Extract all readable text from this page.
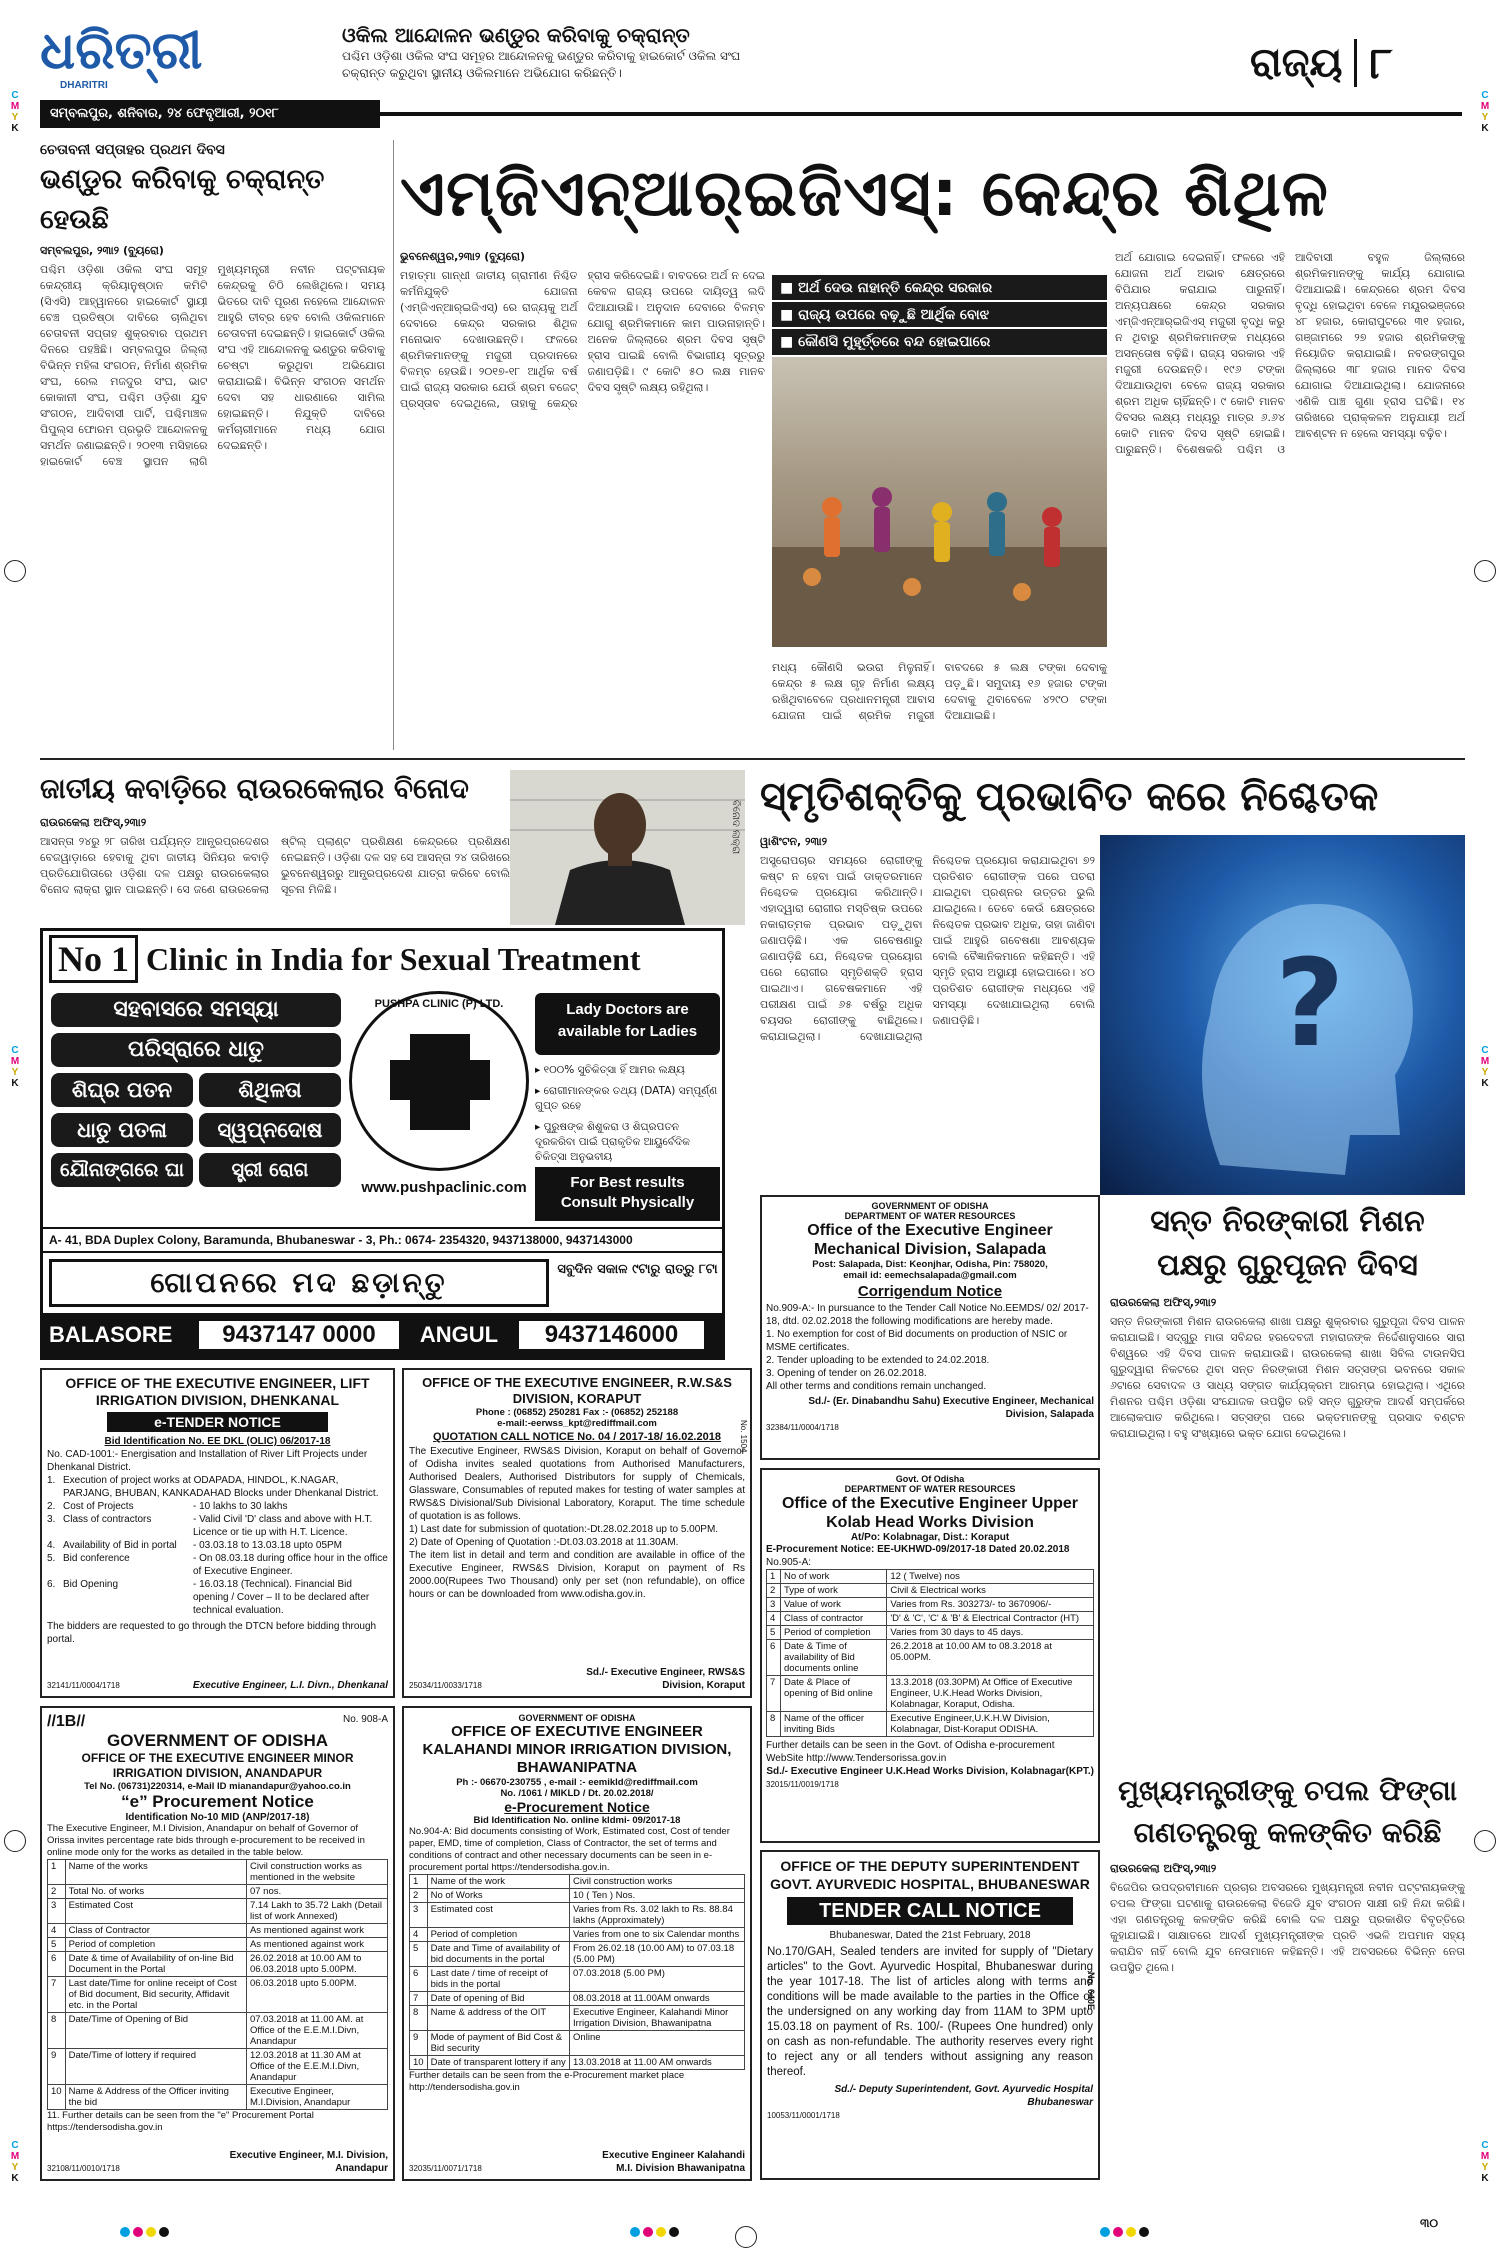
C
M
Y
K
C
M
Y
K
C
M
Y
K
C
M
Y
K
C
M
Y
K
C
M
Y
K
ଧରିତ୍ରୀ
DHARITRI
ଓକିଲ ଆନ୍ଦୋଳନ ଭଣ୍ଡୁର କରିବାକୁ ଚକ୍ରାନ୍ତ
ପଶ୍ଚିମ ଓଡ଼ିଶା ଓକିଲ ସଂଘ ସମୂହର ଆନ୍ଦୋଳନକୁ ଭଣ୍ଡୁର କରିବାକୁ ହାଇକୋର୍ଟ ଓକିଲ ସଂଘ
ଚକ୍ରାନ୍ତ କରୁଥିବା ସ୍ଥାନୀୟ ଓକିଲମାନେ ଅଭିଯୋଗ କରିଛନ୍ତି।	ରାଜ୍ୟ ୮
ସମ୍ବଲପୁର, ଶନିବାର, ୨୪ ଫେବୃଆରୀ, ୨୦୧୮
ଚେତାବନୀ ସପ୍ତାହର ପ୍ରଥମ ଦିବସ
ଭଣ୍ଡୁର କରିବାକୁ ଚକ୍ରାନ୍ତ ହେଉଛି
ସମ୍ବଲପୁର, ୨୩ା୨ (ବ୍ୟୁରୋ)
ପଶ୍ଚିମ ଓଡ଼ିଶା ଓକିଲ ସଂଘ ସମୂହ କେନ୍ଦ୍ରୀୟ କ୍ରିୟାନୁଷ୍ଠାନ କମିଟି (ସିଏସି) ଆହ୍ୱାନରେ ହାଇକୋର୍ଟ ସ୍ଥାୟୀ ବେଞ୍ଚ ପ୍ରତିଷ୍ଠା ଦାବିରେ ଚାଲିଥିବା ଚେତାବନୀ ସପ୍ତାହ ଶୁକ୍ରବାର ପ୍ରଥମ ଦିନରେ ପହଞ୍ଚିଛି। ସମ୍ବଲପୁର ଜିଲ୍ଲା ବିଭିନ୍ନ ମହିଳା ସଂଗଠନ, ନିର୍ମାଣ ଶ୍ରମିକ ସଂଘ, ରେଲ ମଜଦୁର ସଂଘ, ଭାଟ କୋକାନୀ ସଂଘ, ପଶ୍ଚିମ ଓଡ଼ିଶା ଯୁବ ସଂଗଠନ, ଆଦିବାସୀ ପାର୍ଟି, ପଶ୍ଚିମାଞ୍ଚଳ ପିପୁଲ୍ସ ଫୋରମ ପ୍ରଭୃତି ଆନ୍ଦୋଳନକୁ ସମର୍ଥନ ଜଣାଇଛନ୍ତି। ୨୦୧୩ ମସିହାରେ ହାଇକୋର୍ଟ ବେଞ୍ଚ ସ୍ଥାପନ ଲାଗି ମୁଖ୍ୟମନ୍ତ୍ରୀ ନବୀନ ପଟ୍ଟନାୟକ କେନ୍ଦ୍ରକୁ ଚିଠି ଲେଖିଥିଲେ। ସମୟ ଭିତରେ ଦାବି ପୂରଣ ନହେଲେ ଆନ୍ଦୋଳନ ଆହୁରି ତୀବ୍ର ହେବ ବୋଲି ଓକିଲମାନେ ଚେତାବନୀ ଦେଇଛନ୍ତି। ହାଇକୋର୍ଟ ଓକିଲ ସଂଘ ଏହି ଆନ୍ଦୋଳନକୁ ଭଣ୍ଡୁର କରିବାକୁ ଚେଷ୍ଟା କରୁଥିବା ଅଭିଯୋଗ କରାଯାଇଛି। ବିଭିନ୍ନ ସଂଗଠନ ସମର୍ଥନ ଦେବା ସହ ଧାରଣାରେ ସାମିଲ ହୋଇଛନ୍ତି। ନିଯୁକ୍ତି ଦାବିରେ କର୍ମଚାରୀମାନେ ମଧ୍ୟ ଯୋଗ ଦେଇଛନ୍ତି।
ଏମ୍‌ଜିଏନ୍‌ଆର୍‌ଇଜିଏସ୍‌: କେନ୍ଦ୍ର ଶିଥିଳ
ଭୁବନେଶ୍ୱର,୨୩ା୨ (ବ୍ୟୁରୋ)
ମହାତ୍ମା ଗାନ୍ଧୀ ଜାତୀୟ ଗ୍ରାମୀଣ ନିଶ୍ଚିତ କର୍ମନିଯୁକ୍ତି ଯୋଜନା (ଏମ୍‌ଜିଏନ୍‌ଆର୍‌ଇଜିଏସ୍‌) ରେ ରାଜ୍ୟକୁ ଅର୍ଥ ଦେବାରେ କେନ୍ଦ୍ର ସରକାର ଶିଥିଳ ମନୋଭାବ ଦେଖାଉଛନ୍ତି। ଫଳରେ ଶ୍ରମିକମାନଙ୍କୁ ମଜୁରୀ ପ୍ରଦାନରେ ବିଳମ୍ବ ହେଉଛି। ୨୦୧୭-୧୮ ଆର୍ଥିକ ବର୍ଷ ପାଇଁ ରାଜ୍ୟ ସରକାର ଯେଉଁ ଶ୍ରମ ବଜେଟ୍‌ ପ୍ରସ୍ତାବ ଦେଇଥିଲେ, ତାହାକୁ କେନ୍ଦ୍ର ହ୍ରାସ କରିଦେଇଛି। ବାବଦରେ ଅର୍ଥ ନ ଦେଇ କେବଳ ରାଜ୍ୟ ଉପରେ ଦାୟିତ୍ୱ ଲଦି ଦିଆଯାଉଛି। ଅନୁଦାନ ଦେବାରେ ବିଳମ୍ବ ଯୋଗୁ ଶ୍ରମିକମାନେ କାମ ପାଉନାହାନ୍ତି। ଅନେକ ଜିଲ୍ଲାରେ ଶ୍ରମ ଦିବସ ସୃଷ୍ଟି ହ୍ରାସ ପାଇଛି ବୋଲି ବିଭାଗୀୟ ସୂତ୍ରରୁ ଜଣାପଡ଼ିଛି। ୯ କୋଟି ୫୦ ଲକ୍ଷ ମାନବ ଦିବସ ସୃଷ୍ଟି ଲକ୍ଷ୍ୟ ରହିଥିଲା।
■ ଅର୍ଥ ଦେଉ ନାହାନ୍ତି କେନ୍ଦ୍ର ସରକାର
■ ରାଜ୍ୟ ଉପରେ ବଢ଼ୁଛି ଆର୍ଥିକ ବୋଝ
■ କୌଣସି ମୁହୂର୍ତ୍ତରେ ବନ୍ଦ ହୋଇପାରେ
ମଧ୍ୟ କୌଣସି ଭଉରା ମିଳୁନାହିଁ। କେନ୍ଦ୍ର ୫ ଲକ୍ଷ ଗୃହ ନିର୍ମାଣ ଲକ୍ଷ୍ୟ ରଖିଥିବାବେଳେ ପ୍ରଧାନମନ୍ତ୍ରୀ ଆବାସ ଯୋଜନା ପାଇଁ ଶ୍ରମିକ ମଜୁରୀ ବାବଦରେ ୫ ଲକ୍ଷ ଟଙ୍କା ଦେବାକୁ ପଡ଼ୁଛି। ସମୁଦାୟ ୧୬ ହଜାର ଟଙ୍କା ଦେବାକୁ ଥିବାବେଳେ ୪୨୯୦ ଟଙ୍କା ଦିଆଯାଇଛି।
ଅର୍ଥ ଯୋଗାଇ ଦେଇନାହିଁ। ଫଳରେ ଏହି ଯୋଜନା ଅର୍ଥ ଅଭାବ କ୍ଷେତ୍ରରେ ବିପିଯାର କରାଯାଇ ପାରୁନାହିଁ। ଅନ୍ୟପକ୍ଷରେ କେନ୍ଦ୍ର ସରକାର ଏମ୍‌ଜିଏନ୍‌ଆର୍‌ଇଜିଏସ୍‌ ମଜୁରୀ ବୃଦ୍ଧି କରୁ ନ ଥିବାରୁ ଶ୍ରମିକମାନଙ୍କ ମଧ୍ୟରେ ଅସନ୍ତୋଷ ବଢ଼ିଛି। ରାଜ୍ୟ ସରକାର ଏହି ମଜୁରୀ ଦେଉଛନ୍ତି। ୧୯୬ ଟଙ୍କା ଦିଆଯାଉଥିବା ବେଳେ ରାଜ୍ୟ ସରକାର ଶ୍ରମ ଅଧିକ ଚାହିଁଛନ୍ତି। ୯ କୋଟି ମାନବ ଦିବସର ଲକ୍ଷ୍ୟ ମଧ୍ୟରୁ ମାତ୍ର ୬.୬୪ କୋଟି ମାନବ ଦିବସ ସୃଷ୍ଟି ହୋଇଛି। ପାରୁଛନ୍ତି। ବିଶେଷକରି ପଶ୍ଚିମ ଓ ଆଦିବାସୀ ବହୁଳ ଜିଲ୍ଲାରେ ଶ୍ରମିକମାନଙ୍କୁ କାର୍ଯ୍ୟ ଯୋଗାଇ ଦିଆଯାଇଛି। କେନ୍ଦ୍ରରେ ଶ୍ରମ ଦିବସ ବୃଦ୍ଧି ହୋଇଥିବା ବେଳେ ମୟୂରଭଞ୍ଜରେ ୪୮ ହଜାର, କୋରାପୁଟରେ ୩୧ ହଜାର, ଗଞ୍ଜାମରେ ୨୭ ହଜାର ଶ୍ରମିକଙ୍କୁ ନିୟୋଜିତ କରାଯାଇଛି। ନବରଙ୍ଗପୁର ଜିଲ୍ଲାରେ ୩୮ ହଜାର ମାନବ ଦିବସ ଯୋଗାଇ ଦିଆଯାଇଥିଲା। ଯୋଜନାରେ ଏଣିକି ପାଞ୍ଚ ଗୁଣା ହ୍ରାସ ଘଟିଛି। ୧୪ ତାରିଖରେ ପ୍ରାକ୍‌କଳନ ଅନୁଯାୟୀ ଅର୍ଥ ଆବଣ୍ଟନ ନ ହେଲେ ସମସ୍ୟା ବଢ଼ିବ।
ଜାତୀୟ କବାଡ଼ିରେ ରାଉରକେଲାର ବିନୋଦ
ରାଉରକେଲା ଅଫିସ୍‌,୨୩ା୨
ଆସନ୍ତା ୨୪ରୁ ୨୮ ତାରିଖ ପର୍ଯ୍ୟନ୍ତ ଆନ୍ଧ୍ରପ୍ରଦେଶର ବେଜୱାଡ଼ାରେ ହେବାକୁ ଥିବା ଜାତୀୟ ସିନିୟର କବାଡ଼ି ପ୍ରତିଯୋଗିତାରେ ଓଡ଼ିଶା ଦଳ ପକ୍ଷରୁ ରାଉରକେଲାର ବିନୋଦ ଲାକ୍ରା ସ୍ଥାନ ପାଇଛନ୍ତି। ସେ ଜଣେ ରାଉରକେଲା ଷ୍ଟିଲ୍ ପ୍ଲାଣ୍ଟ ପ୍ରଶିକ୍ଷଣ କେନ୍ଦ୍ରରେ ପ୍ରଶିକ୍ଷଣ ନେଇଛନ୍ତି। ଓଡ଼ିଶା ଦଳ ସହ ସେ ଆସନ୍ତା ୨୪ ତାରିଖରେ ଭୁବନେଶ୍ୱରରୁ ଆନ୍ଧ୍ରପ୍ରଦେଶ ଯାତ୍ରା କରିବେ ବୋଲି ସୂଚନା ମିଳିଛି।
ବିନୋଦ ଲାକ୍ରା
ସ୍ମୃତିଶକ୍ତିକୁ ପ୍ରଭାବିତ କରେ ନିଶ୍ଚେତକ
ୱାଶିଂଟନ, ୨୩ା୨
ଅସ୍ତ୍ରୋପଚାର ସମୟରେ ରୋଗୀଙ୍କୁ କଷ୍ଟ ନ ହେବା ପାଇଁ ଡାକ୍ତରମାନେ ନିଶ୍ଚେତକ ପ୍ରୟୋଗ କରିଥାନ୍ତି। ଏହାଦ୍ୱାରା ରୋଗୀର ମସ୍ତିଷ୍କ ଉପରେ ନକାରାତ୍ମକ ପ୍ରଭାବ ପଡ଼ୁଥିବା ଜଣାପଡ଼ିଛି। ଏକ ଗବେଷଣାରୁ ଜଣାପଡ଼ିଛି ଯେ, ନିଶ୍ଚେତକ ପ୍ରୟୋଗ ପରେ ରୋଗୀର ସ୍ମୃତିଶକ୍ତି ହ୍ରାସ ପାଇଥାଏ। ଗବେଷକମାନେ ଏହି ପରୀକ୍ଷଣ ପାଇଁ ୬୫ ବର୍ଷରୁ ଅଧିକ ବୟସର ରୋଗୀଙ୍କୁ ବାଛିଥିଲେ। କରାଯାଇଥିଲା। ଦେଖାଯାଇଥିଲା ନିଶ୍ଚେତକ ପ୍ରୟୋଗ କରାଯାଇଥିବା ୭୨ ପ୍ରତିଶତ ରୋଗୀଙ୍କ ପରେ ପଚରା ଯାଇଥିବା ପ୍ରଶ୍ନର ଉତ୍ତର ଭୁଲି ଯାଇଥିଲେ। ତେବେ କେଉଁ କ୍ଷେତ୍ରରେ ନିଶ୍ଚେତକ ପ୍ରଭାବ ଅଧିକ, ତାହା ଜାଣିବା ପାଇଁ ଆହୁରି ଗବେଷଣା ଆବଶ୍ୟକ ବୋଲି ବୈଜ୍ଞାନିକମାନେ କହିଛନ୍ତି। ଏହି ସ୍ମୃତି ହ୍ରାସ ଅସ୍ଥାୟୀ ହୋଇପାରେ। ୪୦ ପ୍ରତିଶତ ରୋଗୀଙ୍କ ମଧ୍ୟରେ ଏହି ସମସ୍ୟା ଦେଖାଯାଇଥିଲା ବୋଲି ଜଣାପଡ଼ିଛି।	?
No 1 Clinic in India for Sexual Treatment
ସହବାସରେ ସମସ୍ୟା
ପରିସ୍ରାରେ ଧାତୁ
ଶିଘ୍ର ପତନ	ଶିଥିଳତା
ଧାତୁ ପତଳା	ସ୍ୱପ୍ନଦୋଷ
ଯୌନାଙ୍ଗରେ ଘା	ସ୍ତ୍ରୀ ରୋଗ
PUSHPA CLINIC (P) LTD.
www.pushpaclinic.com
Lady Doctors are available for Ladies
▸ ୧୦୦% ସୁଚିକିତ୍ସା ହିଁ ଆମର ଲକ୍ଷ୍ୟ
▸ ରୋଗୀମାନଙ୍କର ତଥ୍ୟ (DATA) ସମ୍ପୂର୍ଣ୍ଣ ଗୁପ୍ତ ରହେ
▸ ପୁରୁଷଙ୍କ ଶିଶୁକରା ଓ ଶିଘ୍ରପତନ ଦୂରକରିବା ପାଇଁ ପ୍ରାକୃତିକ ଆୟୁର୍ବେଦିକ ଚିକିତ୍ସା ଅନୁଭବୀୟ
For Best results Consult Physically
A- 41, BDA Duplex Colony, Baramunda, Bhubaneswar - 3, Ph.: 0674- 2354320, 9437138000, 9437143000
ଗୋପନରେ ମଦ ଛଡ଼ାନ୍ତୁ	ସବୁଦିନ ସକାଳ ୯ଟାରୁ ରାତ୍ରୁ ୮ଟା
BALASORE	9437147 0000	ANGUL	9437146000
GOVERNMENT OF ODISHA
DEPARTMENT OF WATER RESOURCES
Office of the Executive Engineer Mechanical Division, Salapada
Post: Salapada, Dist: Keonjhar, Odisha, Pin: 758020,
email id: eemechsalapada@gmail.com
Corrigendum Notice
No.909-A:- In pursuance to the Tender Call Notice No.EEMDS/ 02/ 2017-18, dtd. 02.02.2018 the following modifications are hereby made.
1. No exemption for cost of Bid documents on production of NSIC or MSME certificates.
2. Tender uploading to be extended to 24.02.2018.
3. Opening of tender on 26.02.2018.
All other terms and conditions remain unchanged.
Sd./- (Er. Dinabandhu Sahu) Executive Engineer, Mechanical Division, Salapada
32384/11/0004/1718
ସନ୍ତ ନିରଙ୍କାରୀ ମିଶନ
ପକ୍ଷରୁ ଗୁରୁପୂଜନ ଦିବସ
ରାଉରକେଲା ଅଫିସ୍‌,୨୩ା୨
ସନ୍ତ ନିରଙ୍କାରୀ ମିଶନ ରାଉରକେଲା ଶାଖା ପକ୍ଷରୁ ଶୁକ୍ରବାର ଗୁରୁପୂଜା ଦିବସ ପାଳନ କରାଯାଇଛି। ସଦ୍‌ଗୁରୁ ମାତା ସବିନ୍ଦର ହରଦେବଜୀ ମହାରାଜଙ୍କ ନିର୍ଦ୍ଦେଶାନୁସାରେ ସାରା ବିଶ୍ୱରେ ଏହି ଦିବସ ପାଳନ କରାଯାଉଛି। ରାଉରକେଲା ଶାଖା ସିବିଲ ଟାଉନସିପ ଗୁରୁଦ୍ୱାରା ନିକଟରେ ଥିବା ସନ୍ତ ନିରଙ୍କାରୀ ମିଶନ ସତ୍‌ସଙ୍ଗ ଭବନରେ ସକାଳ ୬ଟାରେ ସେବାଦଳ ଓ ସାଧ୍ୟ ସଙ୍ଗତ କାର୍ଯ୍ୟକ୍ରମ ଆରମ୍ଭ ହୋଇଥିଲା। ଏଥିରେ ମିଶନର ପଶ୍ଚିମ ଓଡ଼ିଶା ସଂଯୋଜକ ଉପସ୍ଥିତ ରହି ସନ୍ତ ଗୁରୁଙ୍କ ଆଦର୍ଶ ସମ୍ପର୍କରେ ଆଲୋକପାତ କରିଥିଲେ। ସତ୍‌ସଙ୍ଗ ପରେ ଭକ୍ତମାନଙ୍କୁ ପ୍ରସାଦ ବଣ୍ଟନ କରାଯାଇଥିଲା। ବହୁ ସଂଖ୍ୟାରେ ଭକ୍ତ ଯୋଗ ଦେଇଥିଲେ।
ମୁଖ୍ୟମନ୍ତ୍ରୀଙ୍କୁ ଚପଲ ଫିଙ୍ଗା
ଗଣତନ୍ତ୍ରକୁ କଳଙ୍କିତ କରିଛି
ରାଉରକେଲା ଅଫିସ୍‌,୨୩ା୨
ବିଜେପିର ଉପଦ୍ରବୀମାନେ ପ୍ରଚାର ଅବସରରେ ମୁଖ୍ୟମନ୍ତ୍ରୀ ନବୀନ ପଟ୍ଟନାୟକଙ୍କୁ ଚପଲ ଫିଙ୍ଗା ଘଟଣାକୁ ରାଉରକେଲା ବିଜେଡି ଯୁବ ସଂଗଠନ ସାକ୍ଷୀ ରହି ନିନ୍ଦା କରିଛି। ଏହା ଗଣତନ୍ତ୍ରକୁ କଳଙ୍କିତ କରିଛି ବୋଲି ଦଳ ପକ୍ଷରୁ ପ୍ରକାଶିତ ବିବୃତ୍ତିରେ କୁହାଯାଇଛି। ସାକ୍ଷାତରେ ଆଦର୍ଶ ମୁଖ୍ୟମନ୍ତ୍ରୀଙ୍କ ପ୍ରତି ଏଭଳି ଅପମାନ ସହ୍ୟ କରାଯିବ ନାହିଁ ବୋଲି ଯୁବ ନେତାମାନେ କହିଛନ୍ତି। ଏହି ଅବସରରେ ବିଭିନ୍ନ ନେତା ଉପସ୍ଥିତ ଥିଲେ।
Govt. Of Odisha
DEPARTMENT OF WATER RESOURCES
Office of the Executive Engineer Upper Kolab Head Works Division
At/Po: Kolabnagar, Dist.: Koraput
E-Procurement Notice: EE-UKHWD-09/2017-18 Dated 20.02.2018
No.905-A:
1	No of work	12 ( Twelve) nos
2	Type of work	Civil & Electrical works
3	Value of work	Varies from Rs. 303273/- to 3670906/-
4	Class of contractor	'D' & 'C', 'C' & 'B' & Electrical Contractor (HT)
5	Period of completion	Varies from 30 days to 45 days.
6	Date & Time of availability of Bid documents online	26.2.2018 at 10.00 AM to 08.3.2018 at 05.00PM.
7	Date & Place of opening of Bid online	13.3.2018 (03.30PM) At Office of Executive Engineer, U.K.Head Works Division, Kolabnagar, Koraput, Odisha.
8	Name of the officer inviting Bids	Executive Engineer,U.K.H.W Division, Kolabnagar, Dist-Koraput ODISHA.
Further details can be seen in the Govt. of Odisha e-procurement WebSite http://www.Tendersorissa.gov.in
Sd./- Executive Engineer U.K.Head Works Division, Kolabnagar(KPT.)
32015/11/0019/1718
OFFICE OF THE DEPUTY SUPERINTENDENT GOVT. AYURVEDIC HOSPITAL, BHUBANESWAR
TENDER CALL NOTICE
Bhubaneswar, Dated the 21st February, 2018
No.170/GAH, Sealed tenders are invited for supply of "Dietary articles" to the Govt. Ayurvedic Hospital, Bhubaneswar during the year 1017-18. The list of articles along with terms and conditions will be made available to the parties in the Office of the undersigned on any working day from 11AM to 3PM upto 15.03.18 on payment of Rs. 100/- (Rupees One hundred) only on cash as non-refundable. The authority reserves every right to reject any or all tenders without assigning any reason thereof.
Sd./- Deputy Superintendent, Govt. Ayurvedic Hospital Bhubaneswar
10053/11/0001/1718
No. 640E
OFFICE OF THE EXECUTIVE ENGINEER, LIFT IRRIGATION DIVISION, DHENKANAL
e-TENDER NOTICE
Bid Identification No. EE DKL (OLIC) 06/2017-18
No. CAD-1001:- Energisation and Installation of River Lift Projects under Dhenkanal District.
1. Execution of project works at ODAPADA, HINDOL, K.NAGAR, PARJANG, BHUBAN, KANKADAHAD Blocks under Dhenkanal District.
2. Cost of Projects	- 10 lakhs to 30 lakhs
3. Class of contractors	- Valid Civil 'D' class and above with H.T. Licence or tie up with H.T. Licence.
4. Availability of Bid in portal	- 03.03.18 to 13.03.18 upto 05PM
5. Bid conference	- On 08.03.18 during office hour in the office of Executive Engineer.
6. Bid Opening	- 16.03.18 (Technical). Financial Bid opening / Cover – II to be declared after technical evaluation.
The bidders are requested to go through the DTCN before bidding through portal.
32141/11/0004/1718	Executive Engineer, L.I. Divn., Dhenkanal
OFFICE OF THE EXECUTIVE ENGINEER, R.W.S&S DIVISION, KORAPUT
Phone : (06852) 250281 Fax :- (06852) 252188
e-mail:-eerwss_kpt@rediffmail.com
QUOTATION CALL NOTICE No. 04 / 2017-18/ 16.02.2018
The Executive Engineer, RWS&S Division, Koraput on behalf of Governor of Odisha invites sealed quotations from Authorised Manufacturers, Authorised Dealers, Authorised Distributors for supply of Chemicals, Glassware, Consumables of reputed makes for testing of water samples at RWS&S Divisional/Sub Divisional Laboratory, Koraput. The time schedule of quotation is as follows.
1) Last date for submission of quotation:-Dt.28.02.2018 up to 5.00PM.
2) Date of Opening of Quotation :-Dt.03.03.2018 at 11.30AM.
The item list in detail and term and condition are available in office of the Executive Engineer, RWS&S Division, Koraput on payment of Rs 2000.00(Rupees Two Thousand) only per set (non refundable), on office hours or can be downloaded from www.odisha.gov.in.
25034/11/0033/1718
Sd./- Executive Engineer, RWS&S Division, Koraput
No. 1504
//1B//	No. 908-A
GOVERNMENT OF ODISHA
OFFICE OF THE EXECUTIVE ENGINEER MINOR IRRIGATION DIVISION, ANANDAPUR
Tel No. (06731)220314, e-Mail ID mianandapur@yahoo.co.in
“e” Procurement Notice
Identification No-10 MID (ANP/2017-18)
The Executive Engineer, M.I Division, Anandapur on behalf of Governor of Orissa invites percentage rate bids through e-procurement to be received in online mode only for the works as detailed in the table below.
1	Name of the works	Civil construction works as mentioned in the website
2	Total No. of works	07 nos.
3	Estimated Cost	7.14 Lakh to 35.72 Lakh (Detail list of work Annexed)
4	Class of Contractor	As mentioned against work
5	Period of completion	As mentioned against work
6	Date & time of Availability of on-line Bid Document in the Portal	26.02.2018 at 10.00 AM to 06.03.2018 upto 5.00PM.
7	Last date/Time for online receipt of Cost of Bid document, Bid security, Affidavit etc. in the Portal	06.03.2018 upto 5.00PM.
8	Date/Time of Opening of Bid	07.03.2018 at 11.00 AM. at Office of the E.E.M.I.Divn, Anandapur
9	Date/Time of lottery if required	12.03.2018 at 11.30 AM at Office of the E.E.M.I.Divn, Anandapur
10	Name & Address of the Officer inviting the bid	Executive Engineer, M.I.Division, Anandapur
11. Further details can be seen from the "e" Procurement Portal https://tendersodisha.gov.in
32108/11/0010/1718
Executive Engineer, M.I. Division, Anandapur
GOVERNMENT OF ODISHA
OFFICE OF EXECUTIVE ENGINEER KALAHANDI MINOR IRRIGATION DIVISION, BHAWANIPATNA
Ph :- 06670-230755 , e-mail :- eemikld@rediffmail.com
No. /1061 / MIKLD / Dt. 20.02.2018/
e-Procurement Notice
Bid Identification No. online kldmi- 09/2017-18
No.904-A: Bid documents consisting of Work, Estimated cost, Cost of tender paper, EMD, time of completion, Class of Contractor, the set of terms and conditions of contract and other necessary documents can be seen in e-procurement portal https://tendersodisha.gov.in.
1	Name of the work	Civil construction works
2	No of Works	10 ( Ten ) Nos.
3	Estimated cost	Varies from Rs. 3.02 lakh to Rs. 88.84 lakhs (Approximately)
4	Period of completion	Varies from one to six Calendar months
5	Date and Time of availability of bid documents in the portal	From 26.02.18 (10.00 AM) to 07.03.18 (5.00 PM)
6	Last date / time of receipt of bids in the portal	07.03.2018 (5.00 PM)
7	Date of opening of Bid	08.03.2018 at 11.00AM onwards
8	Name & address of the OIT	Executive Engineer, Kalahandi Minor Irrigation Division, Bhawanipatna
9	Mode of payment of Bid Cost & Bid security	Online
10	Date of transparent lottery if any	13.03.2018 at 11.00 AM onwards
Further details can be seen from the e-Procurement market place http://tendersodisha.gov.in
32035/11/0071/1718
Executive Engineer Kalahandi M.I. Division Bhawanipatna
୩୦
